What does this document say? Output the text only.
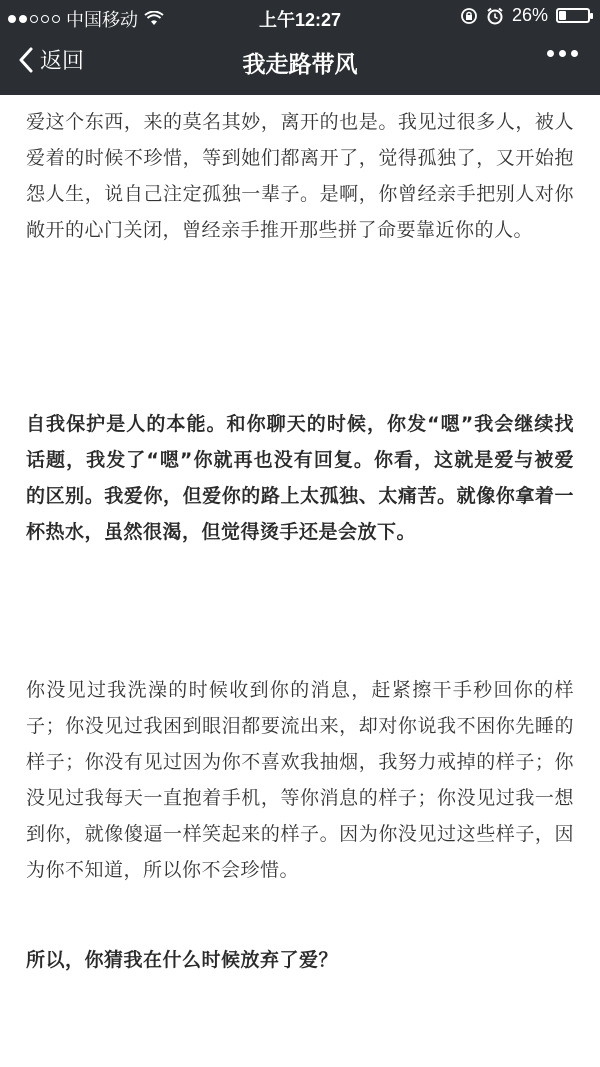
中国移动	上午12:27	26%
返回	我走路带风

爱这个东西，来的莫名其妙，离开的也是。我见过很多人，被人爱着的时候不珍惜，等到她们都离开了，觉得孤独了，又开始抱怨人生，说自己注定孤独一辈子。是啊，你曾经亲手把别人对你敞开的心门关闭，曾经亲手推开那些拼了命要靠近你的人。

自我保护是人的本能。和你聊天的时候，你发“嗯”我会继续找话题，我发了“嗯”你就再也没有回复。你看，这就是爱与被爱的区别。我爱你，但爱你的路上太孤独、太痛苦。就像你拿着一杯热水，虽然很渴，但觉得烫手还是会放下。

你没见过我洗澡的时候收到你的消息，赶紧擦干手秒回你的样子；你没见过我困到眼泪都要流出来，却对你说我不困你先睡的样子；你没有见过因为你不喜欢我抽烟，我努力戒掉的样子；你没见过我每天一直抱着手机，等你消息的样子；你没见过我一想到你，就像傻逼一样笑起来的样子。因为你没见过这些样子，因为你不知道，所以你不会珍惜。

所以，你猜我在什么时候放弃了爱？
